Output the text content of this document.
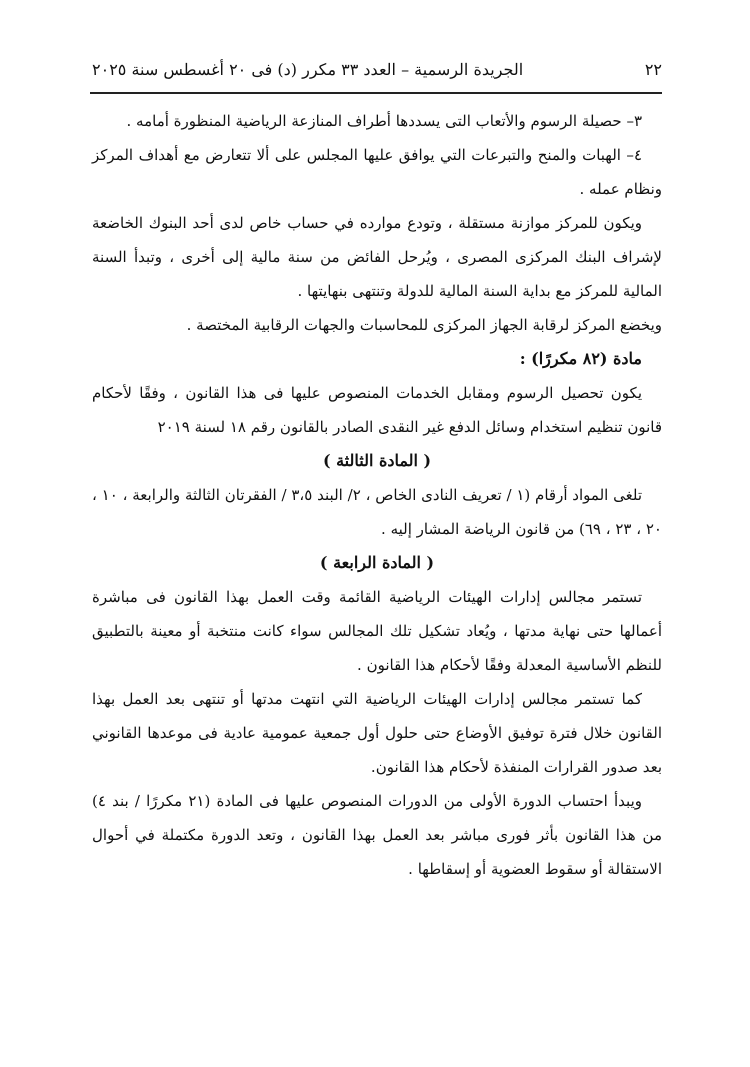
٢٢
الجريدة الرسمية – العدد ٣٣ مكرر (د) فى ٢٠ أغسطس سنة ٢٠٢٥

٣– حصيلة الرسوم والأتعاب التى يسددها أطراف المنازعة الرياضية المنظورة أمامه .

٤– الهبات والمنح والتبرعات التي يوافق عليها المجلس على ألا تتعارض مع أهداف المركز ونظام عمله .

ويكون للمركز موازنة مستقلة ، وتودع موارده في حساب خاص لدى أحد البنوك الخاضعة لإشراف البنك المركزى المصرى ، ويُرحل الفائض من سنة مالية إلى أخرى ، وتبدأ السنة المالية للمركز مع بداية السنة المالية للدولة وتنتهى بنهايتها .

ويخضع المركز لرقابة الجهاز المركزى للمحاسبات والجهات الرقابية المختصة .

مادة (٨٢ مكررًا) :

يكون تحصيل الرسوم ومقابل الخدمات المنصوص عليها فى هذا القانون ، وفقًا لأحكام قانون تنظيم استخدام وسائل الدفع غير النقدى الصادر بالقانون رقم ١٨ لسنة ٢٠١٩

( المادة الثالثة )

تلغى المواد أرقام (١ / تعريف النادى الخاص ، ٢/ البند ٣،٥ / الفقرتان الثالثة والرابعة ، ١٠ ، ٢٠ ، ٢٣ ، ٦٩) من قانون الرياضة المشار إليه .

( المادة الرابعة )

تستمر مجالس إدارات الهيئات الرياضية القائمة وقت العمل بهذا القانون فى مباشرة أعمالها حتى نهاية مدتها ، ويُعاد تشكيل تلك المجالس سواء كانت منتخبة أو معينة بالتطبيق للنظم الأساسية المعدلة وفقًا لأحكام هذا القانون .

كما تستمر مجالس إدارات الهيئات الرياضية التي انتهت مدتها أو تنتهى بعد العمل بهذا القانون خلال فترة توفيق الأوضاع حتى حلول أول جمعية عمومية عادية فى موعدها القانوني بعد صدور القرارات المنفذة لأحكام هذا القانون.

ويبدأ احتساب الدورة الأولى من الدورات المنصوص عليها فى المادة (٢١ مكررًا / بند ٤) من هذا القانون بأثر فورى مباشر بعد العمل بهذا القانون ، وتعد الدورة مكتملة في أحوال الاستقالة أو سقوط العضوية أو إسقاطها .
